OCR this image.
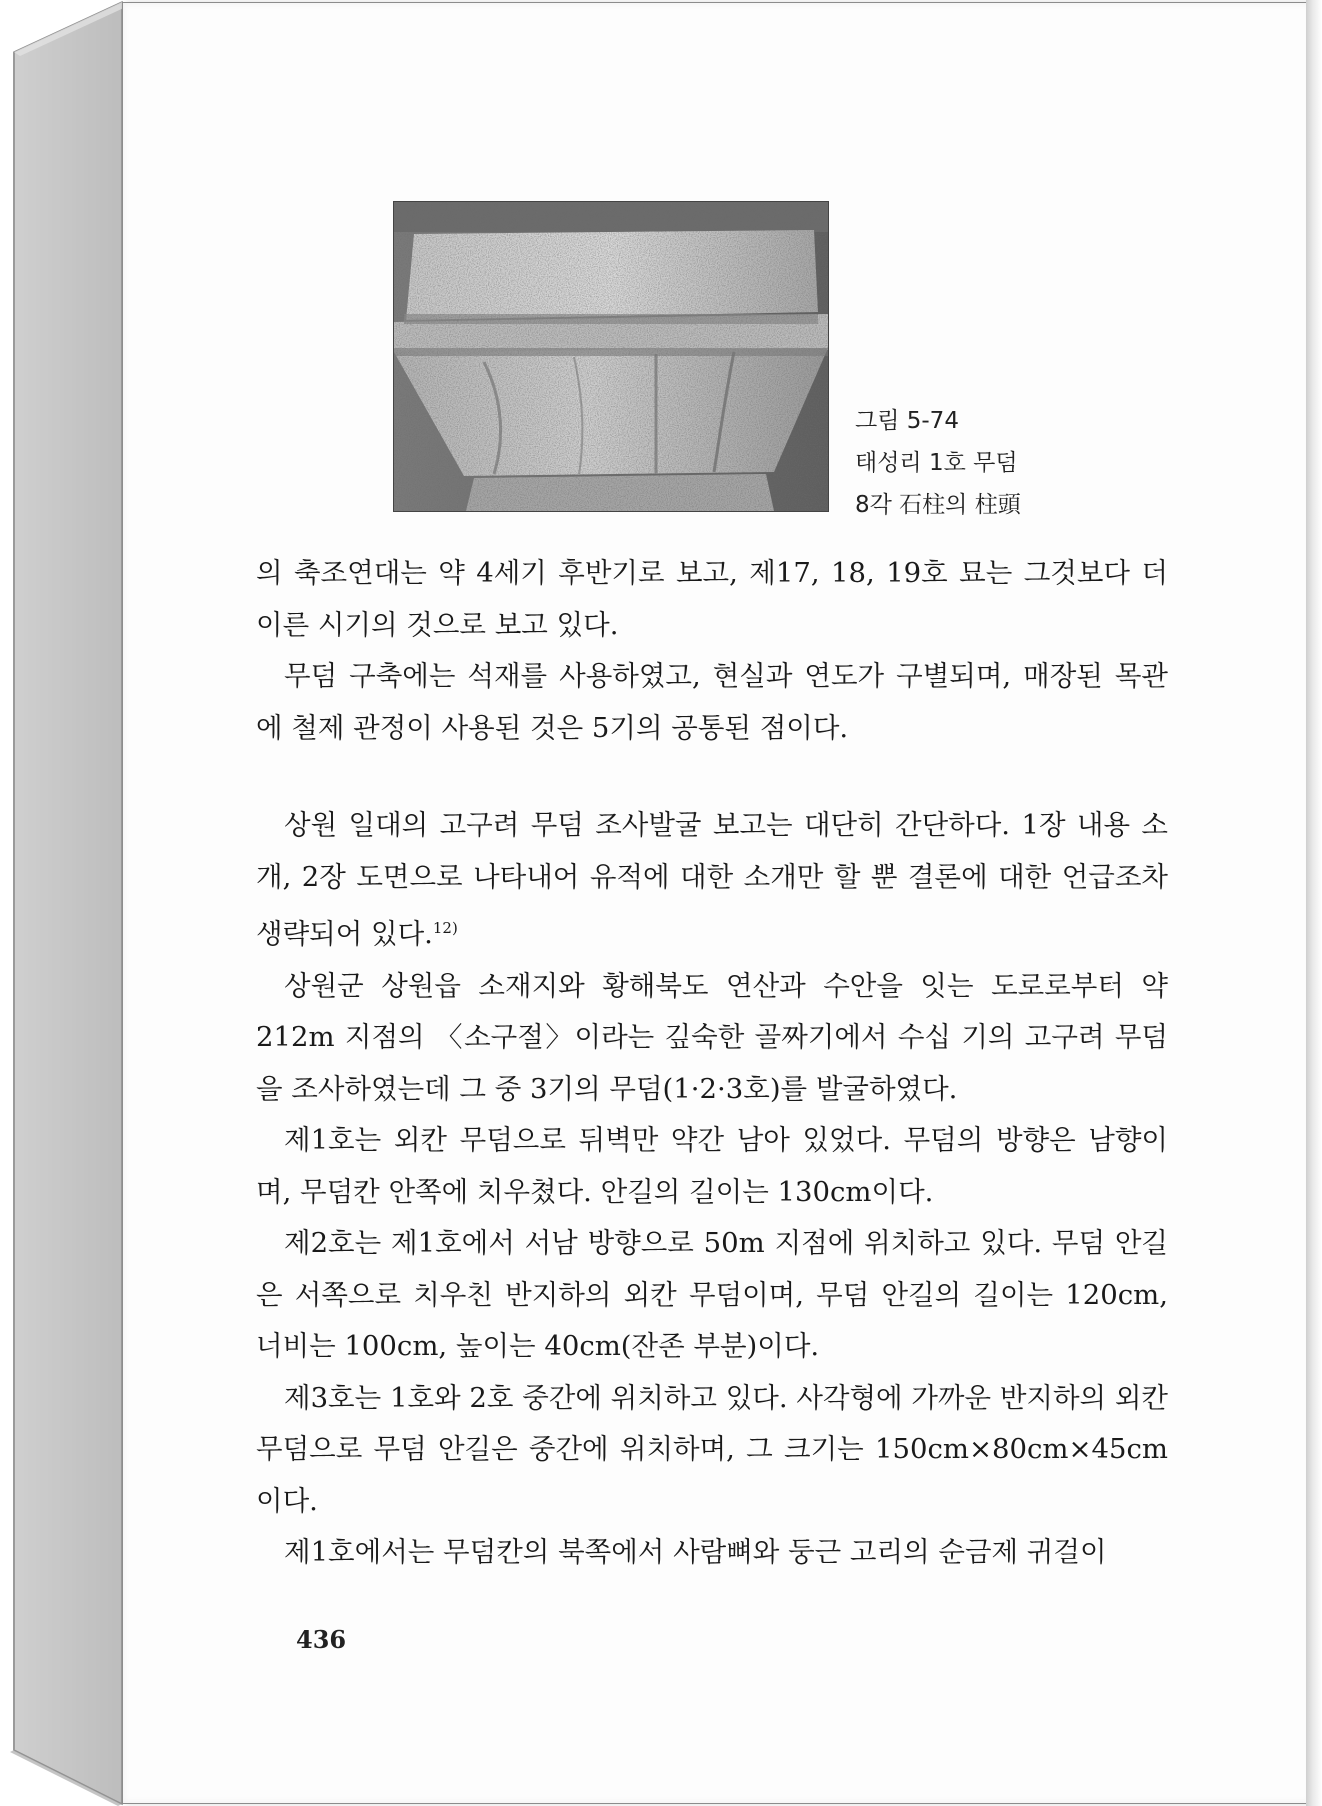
그림 5-74
태성리 1호 무덤
8각 石柱의 柱頭

의 축조연대는 약 4세기 후반기로 보고, 제17, 18, 19호 묘는 그것보다 더 이른 시기의 것으로 보고 있다.

무덤 구축에는 석재를 사용하였고, 현실과 연도가 구별되며, 매장된 목관에 철제 관정이 사용된 것은 5기의 공통된 점이다.

상원 일대의 고구려 무덤 조사발굴 보고는 대단히 간단하다. 1장 내용 소개, 2장 도면으로 나타내어 유적에 대한 소개만 할 뿐 결론에 대한 언급조차 생략되어 있다.$^{12)}$

상원군 상원읍 소재지와 황해북도 연산과 수안을 잇는 도로로부터 약 212m 지점의 〈소구절〉이라는 깊숙한 골짜기에서 수십 기의 고구려 무덤을 조사하였는데 그 중 3기의 무덤(1·2·3호)를 발굴하였다.

제1호는 외칸 무덤으로 뒤벽만 약간 남아 있었다. 무덤의 방향은 남향이며, 무덤칸 안쪽에 치우쳤다. 안길의 길이는 130cm이다.

제2호는 제1호에서 서남 방향으로 50m 지점에 위치하고 있다. 무덤 안길은 서쪽으로 치우친 반지하의 외칸 무덤이며, 무덤 안길의 길이는 120cm, 너비는 100cm, 높이는 40cm(잔존 부분)이다.

제3호는 1호와 2호 중간에 위치하고 있다. 사각형에 가까운 반지하의 외칸 무덤으로 무덤 안길은 중간에 위치하며, 그 크기는 150cm×80cm×45cm이다.

제1호에서는 무덤칸의 북쪽에서 사람뼈와 둥근 고리의 순금제 귀걸이

436
